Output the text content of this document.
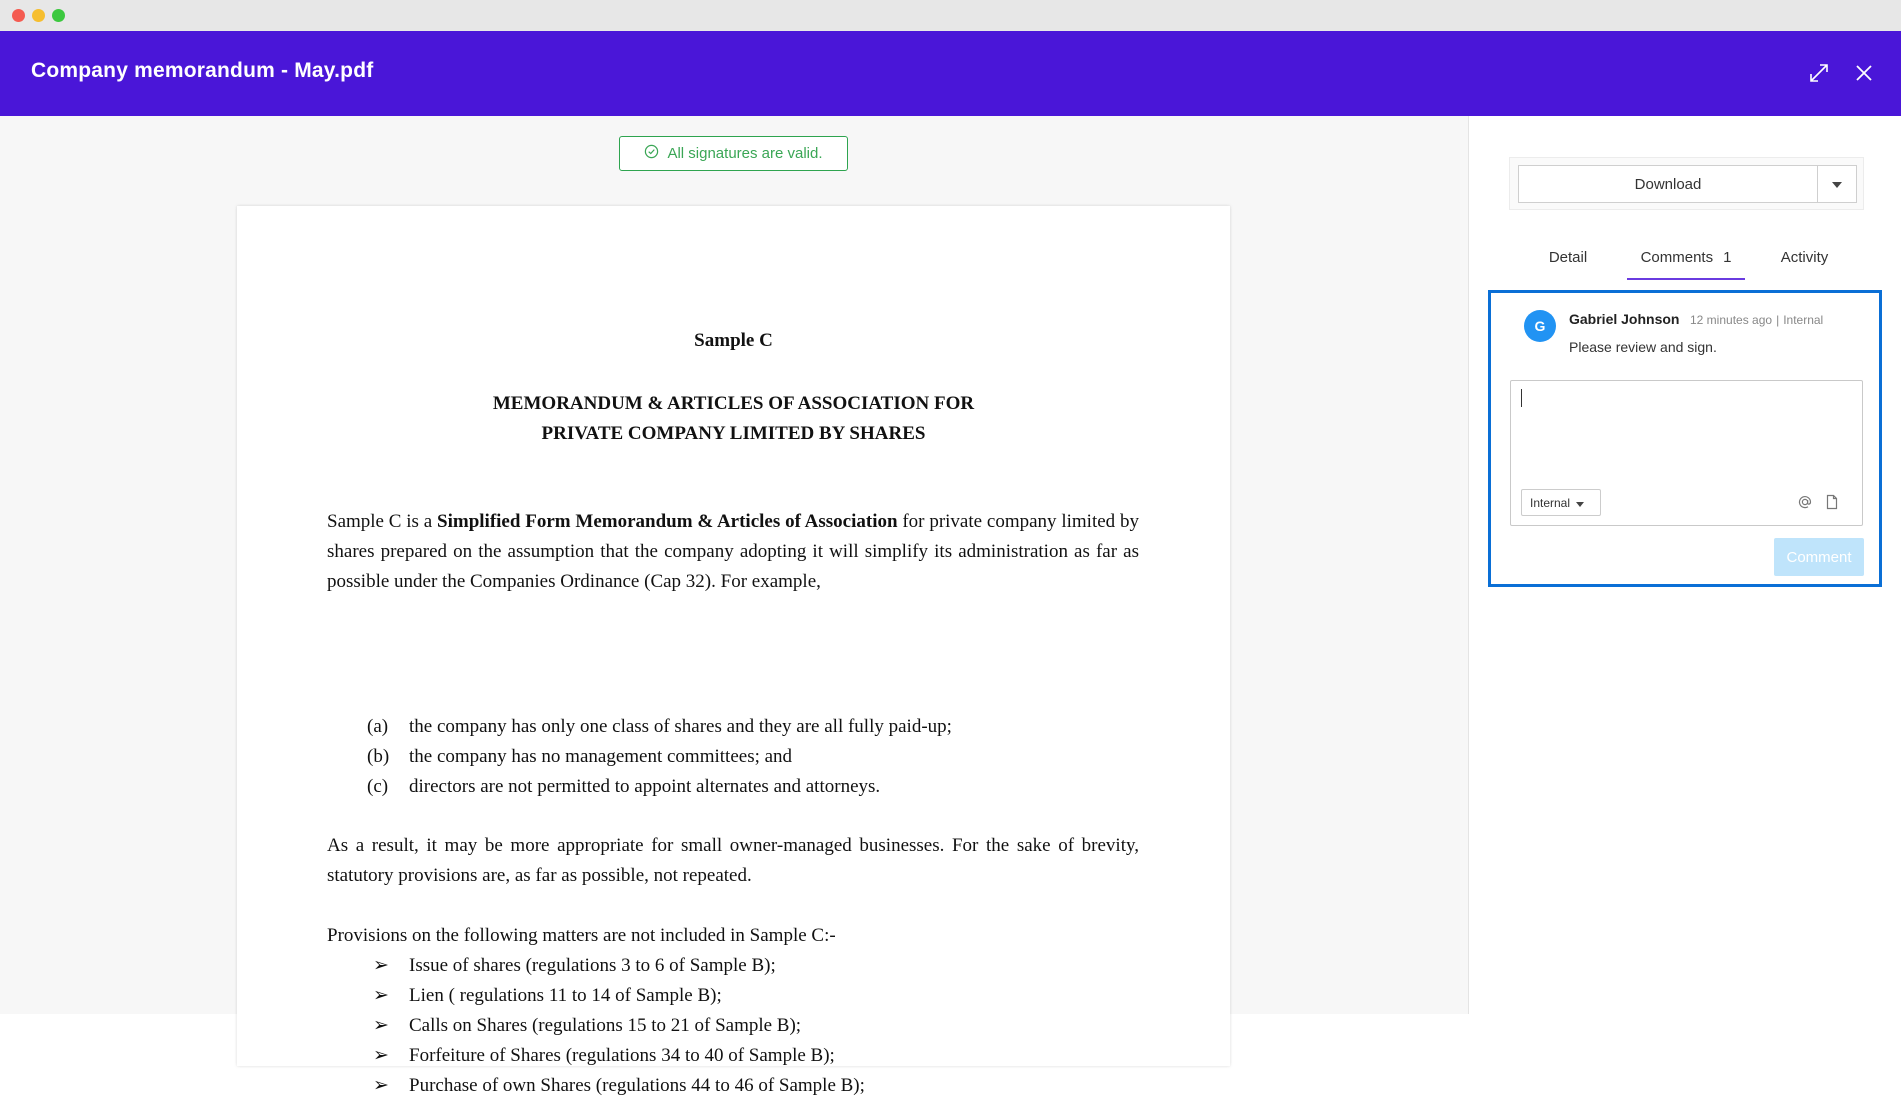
Company memorandum - May.pdf
All signatures are valid.
Sample C
MEMORANDUM & ARTICLES OF ASSOCIATION FOR
PRIVATE COMPANY LIMITED BY SHARES
Sample C is a Simplified Form Memorandum & Articles of Association for private company limited by shares prepared on the assumption that the company adopting it will simplify its administration as far as possible under the Companies Ordinance (Cap 32). For example,
(a)	the company has only one class of shares and they are all fully paid-up;
(b)	the company has no management committees; and
(c)	directors are not permitted to appoint alternates and attorneys.
As a result, it may be more appropriate for small owner-managed businesses. For the sake of brevity, statutory provisions are, as far as possible, not repeated.
Provisions on the following matters are not included in Sample C:-
➢	Issue of shares (regulations 3 to 6 of Sample B);
➢	Lien ( regulations 11 to 14 of Sample B);
➢	Calls on Shares (regulations 15 to 21 of Sample B);
➢	Forfeiture of Shares (regulations 34 to 40 of Sample B);
➢	Purchase of own Shares (regulations 44 to 46 of Sample B);
Download
Detail	Comments 1	Activity
G	Gabriel Johnson 12 minutes ago | Internal
Please review and sign.
Internal
Comment
